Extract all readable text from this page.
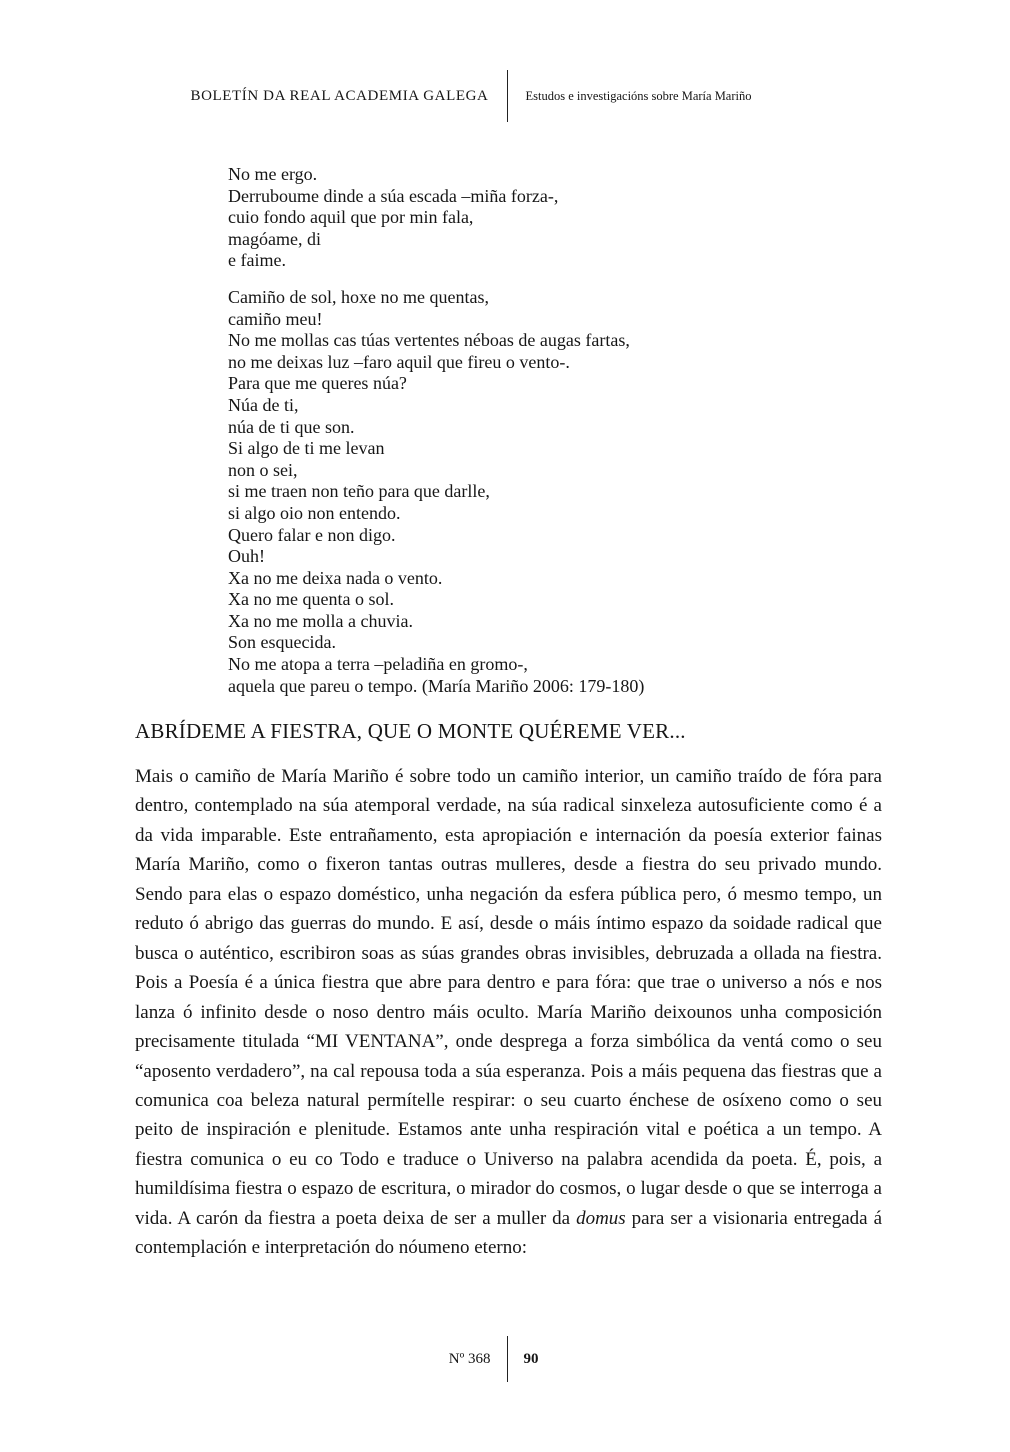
BOLETÍN DA REAL ACADEMIA GALEGA	Estudos e investigacións sobre María Mariño
No me ergo.
Derruboume dinde a súa escada –miña forza-,
cuio fondo aquil que por min fala,
magóame, di
e faime.
Camiño de sol, hoxe no me quentas,
camiño meu!
No me mollas cas túas vertentes néboas de augas fartas,
no me deixas luz –faro aquil que fireu o vento-.
Para que me queres núa?
Núa de ti,
núa de ti que son.
Si algo de ti me levan
non o sei,
si me traen non teño para que darlle,
si algo oio non entendo.
Quero falar e non digo.
Ouh!
Xa no me deixa nada o vento.
Xa no me quenta o sol.
Xa no me molla a chuvia.
Son esquecida.
No me atopa a terra –peladiña en gromo-,
aquela que pareu o tempo. (María Mariño 2006: 179-180)
ABRÍDEME A FIESTRA, QUE O MONTE QUÉREME VER...

Mais o camiño de María Mariño é sobre todo un camiño interior, un camiño traído de fóra para dentro, contemplado na súa atemporal verdade, na súa radical sinxeleza autosuficiente como é a da vida imparable. Este entrañamento, esta apropiación e internación da poesía exterior fainas María Mariño, como o fixeron tantas outras mulleres, desde a fiestra do seu privado mundo. Sendo para elas o espazo doméstico, unha negación da esfera pública pero, ó mesmo tempo, un reduto ó abrigo das guerras do mundo. E así, desde o máis íntimo espazo da soidade radical que busca o auténtico, escribiron soas as súas grandes obras invisibles, debruzada a ollada na fiestra. Pois a Poesía é a única fiestra que abre para dentro e para fóra: que trae o universo a nós e nos lanza ó infinito desde o noso dentro máis oculto. María Mariño deixounos unha composición precisamente titulada “MI VENTANA”, onde desprega a forza simbólica da ventá como o seu “aposento verdadero”, na cal repousa toda a súa esperanza. Pois a máis pequena das fiestras que a comunica coa beleza natural permítelle respirar: o seu cuarto énchese de osíxeno como o seu peito de inspiración e plenitude. Estamos ante unha respiración vital e poética a un tempo. A fiestra comunica o eu co Todo e traduce o Universo na palabra acendida da poeta. É, pois, a humildísima fiestra o espazo de escritura, o mirador do cosmos, o lugar desde o que se interroga a vida. A carón da fiestra a poeta deixa de ser a muller da domus para ser a visionaria entregada á contemplación e interpretación do nóumeno eterno:

Nº 368	90
